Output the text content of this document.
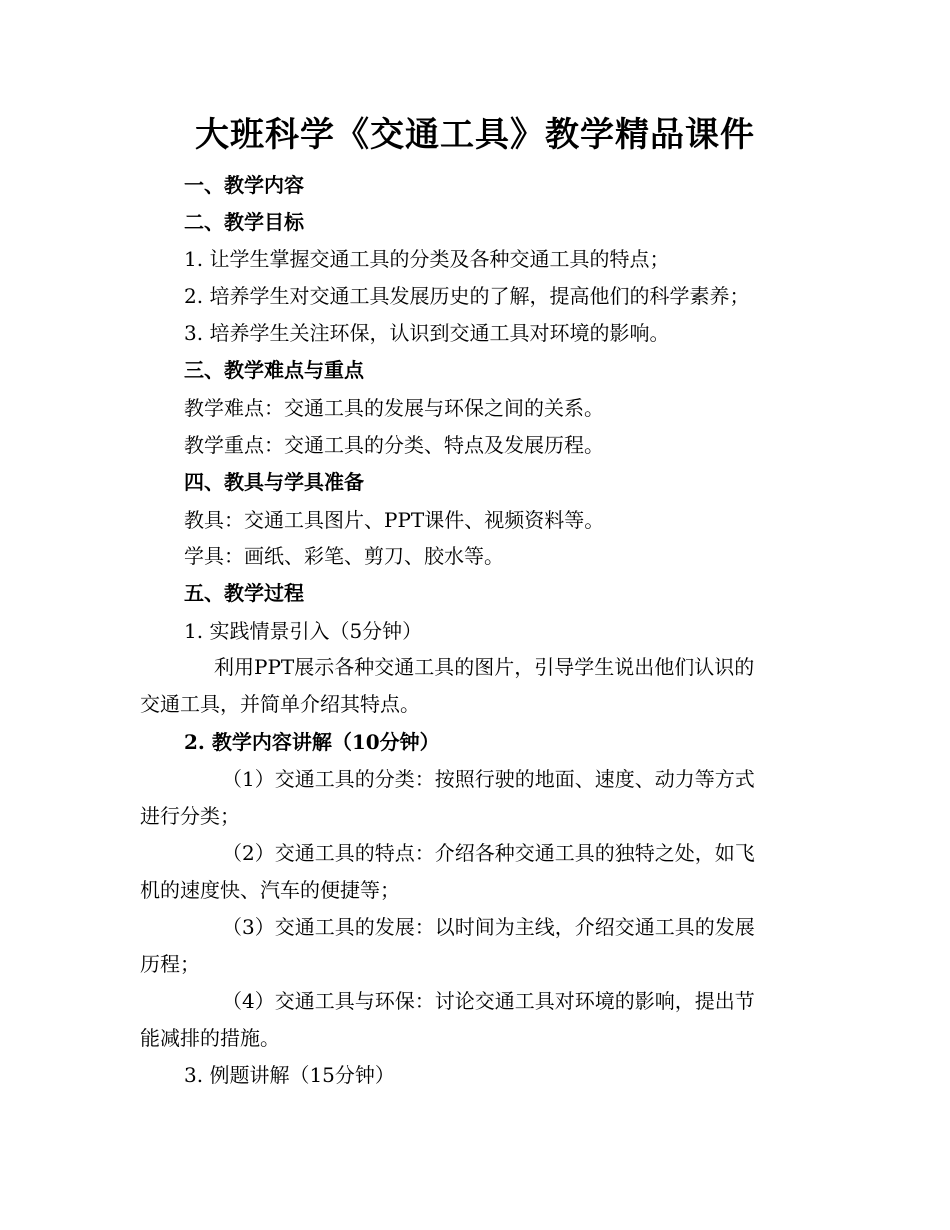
大班科学《交通工具》教学精品课件
一、教学内容
二、教学目标
1. 让学生掌握交通工具的分类及各种交通工具的特点；
2. 培养学生对交通工具发展历史的了解，提高他们的科学素养；
3. 培养学生关注环保，认识到交通工具对环境的影响。
三、教学难点与重点
教学难点：交通工具的发展与环保之间的关系。
教学重点：交通工具的分类、特点及发展历程。
四、教具与学具准备
教具：交通工具图片、PPT课件、视频资料等。
学具：画纸、彩笔、剪刀、胶水等。
五、教学过程
1. 实践情景引入（5分钟）
利用PPT展示各种交通工具的图片，引导学生说出他们认识的
交通工具，并简单介绍其特点。
2. 教学内容讲解（10分钟）
（1）交通工具的分类：按照行驶的地面、速度、动力等方式
进行分类；
（2）交通工具的特点：介绍各种交通工具的独特之处，如飞
机的速度快、汽车的便捷等；
（3）交通工具的发展：以时间为主线，介绍交通工具的发展
历程；
（4）交通工具与环保：讨论交通工具对环境的影响，提出节
能减排的措施。
3. 例题讲解（15分钟）
